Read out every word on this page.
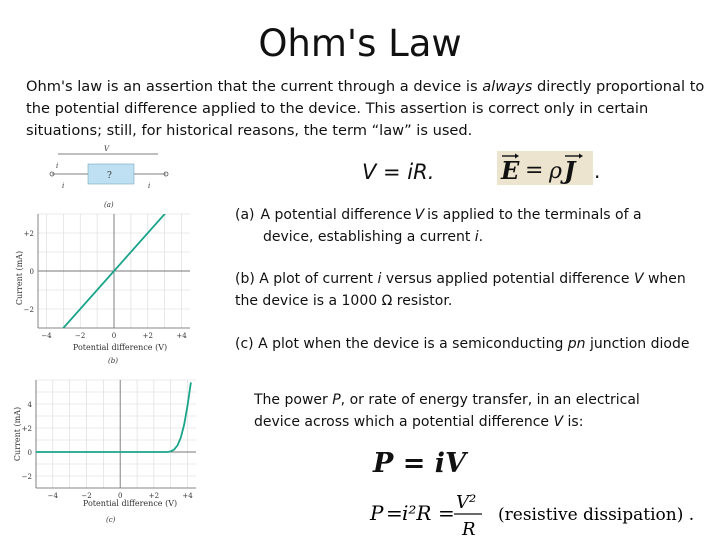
Ohm's Law
Ohm's law is an assertion that the current through a device is always directly proportional to the potential difference applied to the device. This assertion is correct only in certain situations; still, for historical reasons, the term “law” is used.
V = iR.	E = ρ J .
(a) A potential difference V is applied to the terminals of a
device, establishing a current i.
(b) A plot of current i versus applied potential difference V when the device is a 1000 Ω resistor.
(c) A plot when the device is a semiconducting pn junction diode
The power P, or rate of energy transfer, in an electrical device across which a potential difference V is:
P = iV
P = i²R = V²
R
(resistive dissipation) .
V
i
?
i	i
(a)
+2
0
−2
−4	−2	0	+2	+4
Current (mA)
Potential difference (V)
(b)
4
+2
0
−2
−4	−2	0	+2	+4
Current (mA)
Potential difference (V)
(c)
